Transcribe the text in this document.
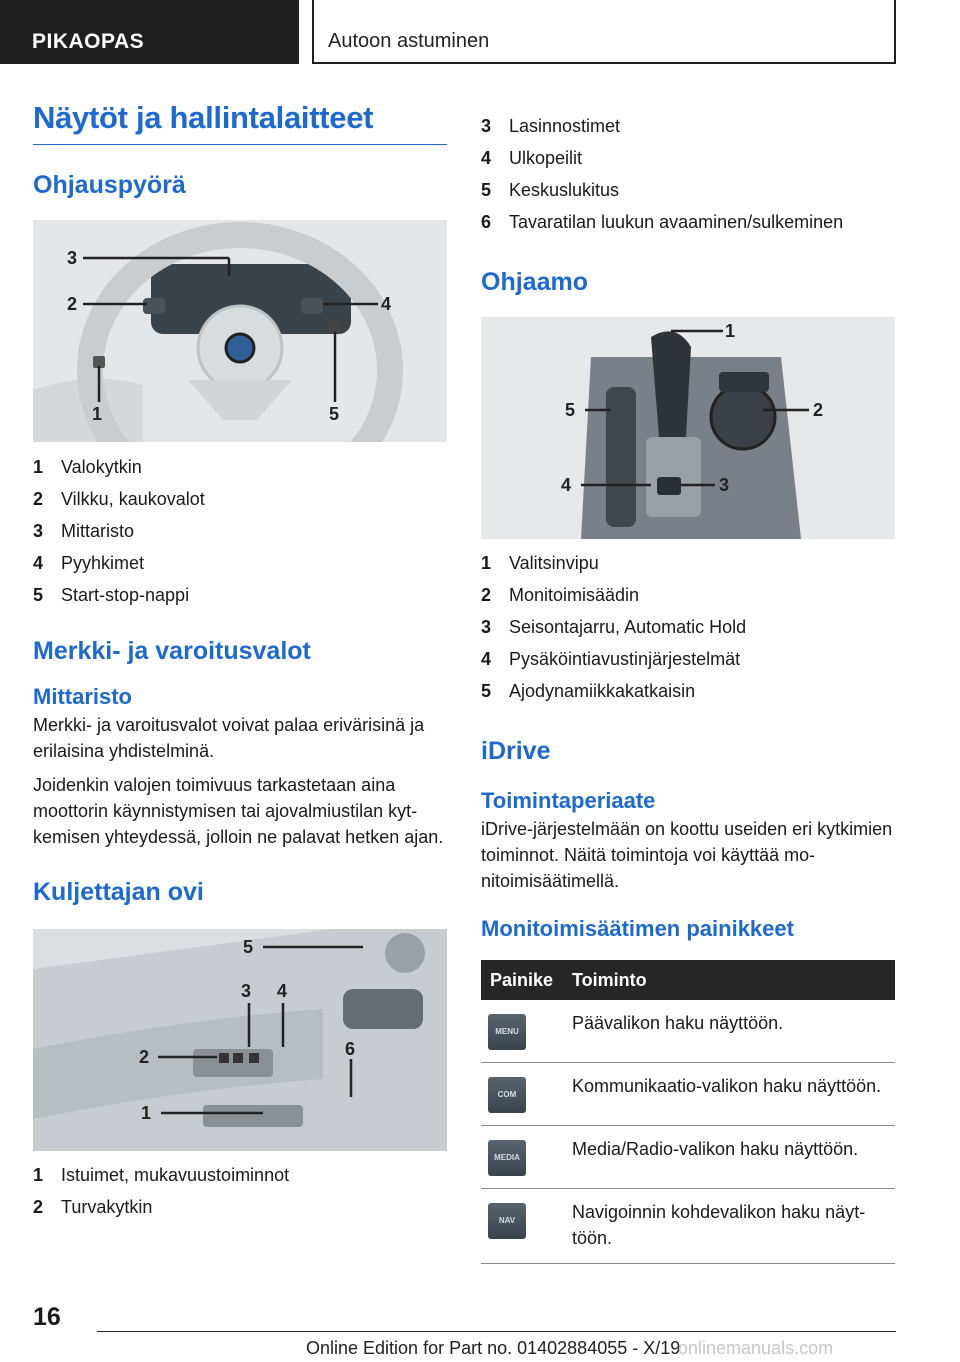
PIKAOPAS	Autoon astuminen
Näytöt ja hallintalaitteet
Ohjauspyörä
3
2	4
1	5
1 Valokytkin
2 Vilkku, kaukovalot
3 Mittaristo
4 Pyyhkimet
5 Start-stop-nappi
Merkki- ja varoitusvalot
Mittaristo

Merkki- ja varoitusvalot voivat palaa erivärisinä ja erilaisina yhdistelminä.

Joidenkin valojen toimivuus tarkastetaan aina moottorin käynnistymisen tai ajovalmiustilan kytkemisen yhteydessä, jolloin ne palavat hetken ajan.

Kuljettajan ovi
5
3 4
2	6
1
1 Istuimet, mukavuustoiminnot
2 Turvakytkin
3 Lasinnostimet
4 Ulkopeilit
5 Keskuslukitus
6 Tavaratilan luukun avaaminen/sulkeminen
Ohjaamo
1
5	2
4	3
1 Valitsinvipu
2 Monitoimisäädin
3 Seisontajarru, Automatic Hold
4 Pysäköintiavustinjärjestelmät
5 Ajodynamiikkakatkaisin
iDrive
Toimintaperiaate

iDrive-järjestelmään on koottu useiden eri kytkimien toiminnot. Näitä toimintoja voi käyttää monitoimisäätimellä.

Monitoimisäätimen painikkeet
Painike	Toiminto

MENU	Päävalikon haku näyttöön.

COM	Kommunikaatio-valikon haku näyttöön.

MEDIA	Media/Radio-valikon haku näyttöön.

NAV	Navigoinnin kohdevalikon haku näyttöön.
16
Online Edition for Part no. 01402884055 - X/19
onlinemanuals.com
